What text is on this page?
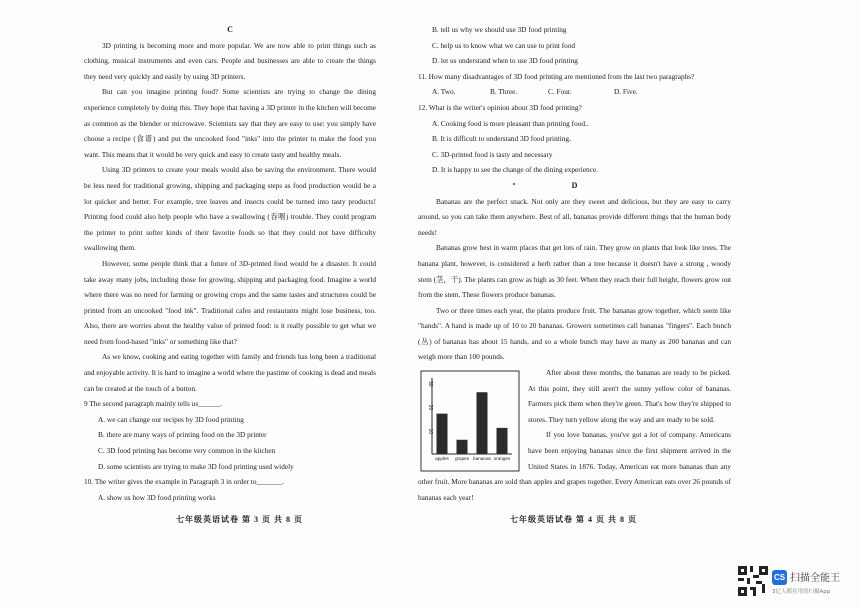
C

3D printing is becoming more and more popular. We are now able to print things such as clothing, musical instruments and even cars. People and businesses are able to create the things they need very quickly and easily by using 3D printers.

But can you imagine printing food? Some scientists are trying to change the dining experience completely by doing this. They hope that having a 3D printer in the kitchen will become as common as the blender or microwave. Scientists say that they are easy to use: you simply have choose a recipe (食谱) and put the uncooked food "inks" into the printer to make the food you want. This means that it would be very quick and easy to create tasty and healthy meals.

Using 3D printers to create your meals would also be saving the environment. There would be less need for traditional growing, shipping and packaging steps as food production would be a lot quicker and better. For example, tree leaves and insects could be turned into tasty products! Printing food could also help people who have a swallowing (吞咽) trouble. They could program the printer to print softer kinds of their favorite foods so that they could not have difficulty swallowing them.

However, some people think that a future of 3D-printed food would be a disaster. It could take away many jobs, including those for growing, shipping and packaging food. Imagine a world where there was no need for farming or growing crops and the same tastes and structures could be printed from an uncooked "food ink". Traditional cafes and restaurants might lose business, too. Also, there are worries about the healthy value of printed food: is it really possible to get what we need from food-based "inks" or something like that?

As we know, cooking and eating together with family and friends has long been a traditional and enjoyable activity. It is hard to imagine a world where the pastime of cooking is dead and meals can be created at the touch of a button.

9 The second paragraph mainly tells us______.

A. we can change our recipes by 3D food printing

B. there are many ways of printing food on the 3D printer

C. 3D food printing has become very common in the kitchen

D. some scientists are trying to make 3D food printing used widely

10. The writer gives the example in Paragraph 3 in order to_______.

A. show us how 3D food printing works

七年级英语试卷 第 3 页 共 8 页

B. tell us why we should use 3D food printing

C. help us to know what we can use to print food

D. let us understand when to use 3D food printing

11. How many disadvantages of 3D food printing are mentioned from the last two paragraphs?

A. Two.	B. Three.	C. Four.	D. Five.

12. What is the writer's opinion about 3D food printing?

A. Cooking food is more pleasant than printing food..

B. It is difficult to understand 3D food printing.

C. 3D-printed food is tasty and necessary

D. It is happy to see the change of the dining experience.

D

Bananas are the perfect snack. Not only are they sweet and delicious, but they are easy to carry around, so you can take them anywhere. Best of all, bananas provide different things that the human body needs!

Bananas grow best in warm places that get lots of rain. They grow on plants that look like trees. The banana plant, however, is considered a herb rather than a tree because it doesn't have a strong , woody stem (茎，干). The plants can grow as high as 30 feet. When they reach their full height, flowers grow out from the stem. These flowers produce bananas.

Two or three times each year, the plants produce fruit. The bananas grow together, which seem like "hands". A hand is made up of 10 to 20 bananas. Growers sometimes call bananas "fingers". Each bunch (丛) of bananas has about 15 hands, and so a whole bunch may have as many as 200 bananas and can weigh more than 100 pounds.

30
20
10
apples grapes bananas oranges

After about three months, the bananas are ready to be picked. At this point, they still aren't the sunny yellow color of bananas. Farmers pick them when they're green. That's how they're shipped to stores. They turn yellow along the way and are ready to be sold.

If you love bananas, you've got a lot of company. Americans have been enjoying bananas since the first shipment arrived in the United States in 1876. Today, American eat more bananas than any other fruit. More bananas are sold than apples and grapes together. Every American eats over 26 pounds of bananas each year!

七年级英语试卷 第 4 页 共 8 页
CS 扫描全能王
3亿人都在用的扫描App
